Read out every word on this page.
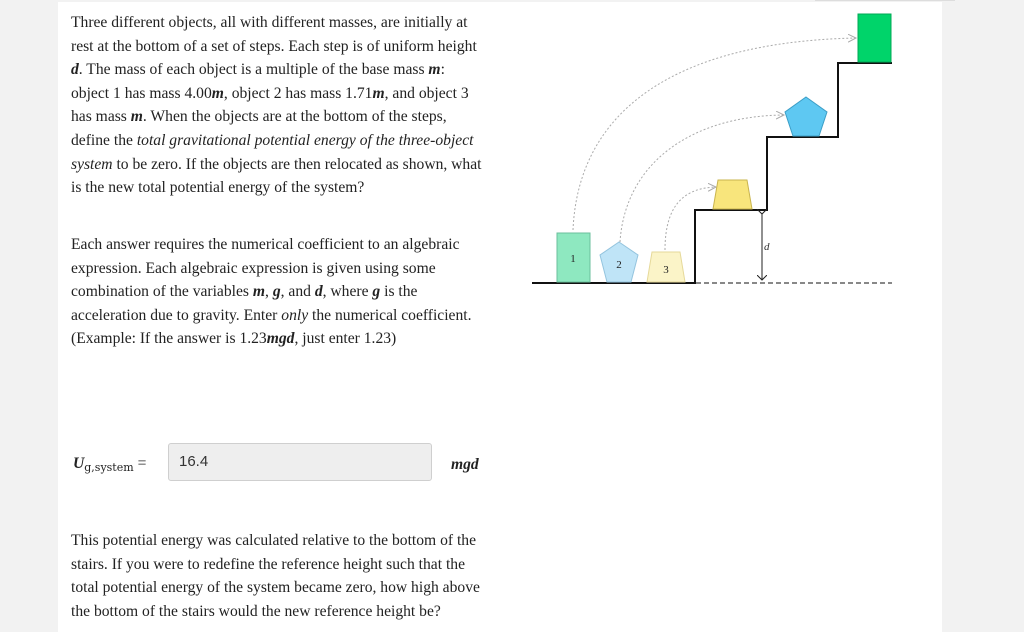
Three different objects, all with different masses, are initially at rest at the bottom of a set of steps. Each step is of uniform height d. The mass of each object is a multiple of the base mass m: object 1 has mass 4.00m, object 2 has mass 1.71m, and object 3 has mass m. When the objects are at the bottom of the steps, define the total gravitational potential energy of the three-object system to be zero. If the objects are then relocated as shown, what is the new total potential energy of the system?
Each answer requires the numerical coefficient to an algebraic expression. Each algebraic expression is given using some combination of the variables m, g, and d, where g is the acceleration due to gravity. Enter only the numerical coefficient. (Example: If the answer is 1.23mgd, just enter 1.23)
$U_{g,system}$ =	16.4	mgd
This potential energy was calculated relative to the bottom of the stairs. If you were to redefine the reference height such that the total potential energy of the system became zero, how high above the bottom of the stairs would the new reference height be?
d
1	2	3
